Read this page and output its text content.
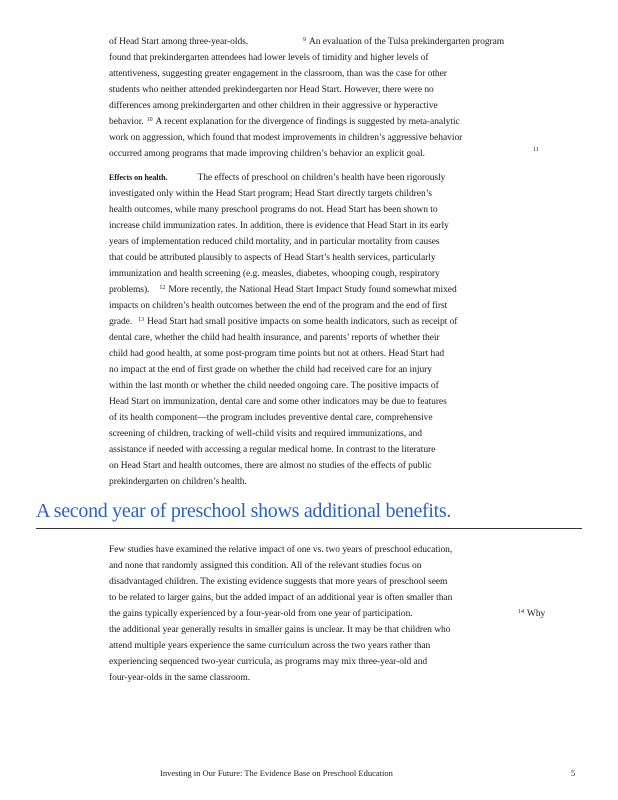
of Head Start among three-year-olds.	$^9$ An evaluation of the Tulsa prekindergarten program
found that prekindergarten attendees had lower levels of timidity and higher levels of
attentiveness, suggesting greater engagement in the classroom, than was the case for other
students who neither attended prekindergarten nor Head Start. However, there were no
differences among prekindergarten and other children in their aggressive or hyperactive
behavior. $^{10}$ A recent explanation for the divergence of findings is suggested by meta-analytic
work on aggression, which found that modest improvements in children’s aggressive behavior
occurred among programs that made improving children’s behavior an explicit goal.	$^{11}$
Effects on health.	The effects of preschool on children’s health have been rigorously
investigated only within the Head Start program; Head Start directly targets children’s
health outcomes, while many preschool programs do not. Head Start has been shown to
increase child immunization rates. In addition, there is evidence that Head Start in its early
years of implementation reduced child mortality, and in particular mortality from causes
that could be attributed plausibly to aspects of Head Start’s health services, particularly
immunization and health screening (e.g. measles, diabetes, whooping cough, respiratory
problems). $^{12}$ More recently, the National Head Start Impact Study found somewhat mixed
impacts on children’s health outcomes between the end of the program and the end of first
grade. $^{13}$ Head Start had small positive impacts on some health indicators, such as receipt of
dental care, whether the child had health insurance, and parents’ reports of whether their
child had good health, at some post-program time points but not at others. Head Start had
no impact at the end of first grade on whether the child had received care for an injury
within the last month or whether the child needed ongoing care. The positive impacts of
Head Start on immunization, dental care and some other indicators may be due to features
of its health component—the program includes preventive dental care, comprehensive
screening of children, tracking of well-child visits and required immunizations, and
assistance if needed with accessing a regular medical home. In contrast to the literature
on Head Start and health outcomes, there are almost no studies of the effects of public
prekindergarten on children’s health.
A second year of preschool shows additional benefits.
Few studies have examined the relative impact of one vs. two years of preschool education,
and none that randomly assigned this condition. All of the relevant studies focus on
disadvantaged children. The existing evidence suggests that more years of preschool seem
to be related to larger gains, but the added impact of an additional year is often smaller than
the gains typically experienced by a four-year-old from one year of participation.	$^{14}$ Why
the additional year generally results in smaller gains is unclear. It may be that children who
attend multiple years experience the same curriculum across the two years rather than
experiencing sequenced two-year curricula, as programs may mix three-year-old and
four-year-olds in the same classroom.
Investing in Our Future: The Evidence Base on Preschool Education	5
